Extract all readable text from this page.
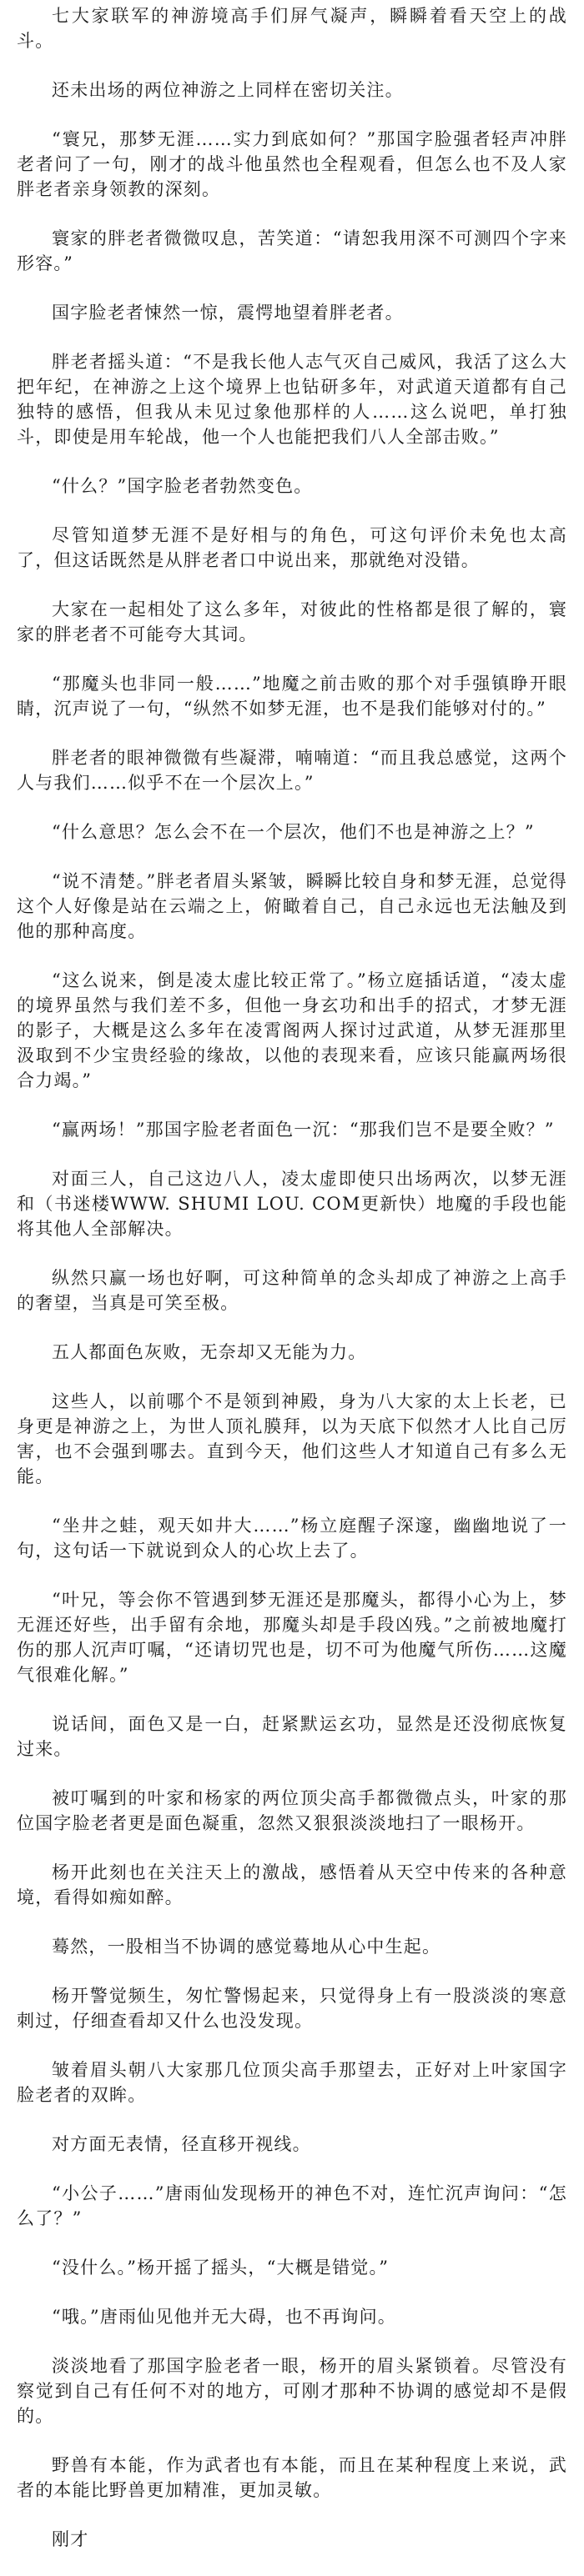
七大家联军的神游境高手们屏气凝声，瞬瞬着看天空上的战斗。

还未出场的两位神游之上同样在密切关注。

“寰兄，那梦无涯……实力到底如何？”那国字脸强者轻声冲胖老者问了一句，刚才的战斗他虽然也全程观看，但怎么也不及人家胖老者亲身领教的深刻。

寰家的胖老者微微叹息，苦笑道：“请恕我用深不可测四个字来形容。”

国字脸老者悚然一惊，震愕地望着胖老者。

胖老者摇头道：“不是我长他人志气灭自己威风，我活了这么大把年纪，在神游之上这个境界上也钻研多年，对武道天道都有自己独特的感悟，但我从未见过象他那样的人……这么说吧，单打独斗，即使是用车轮战，他一个人也能把我们八人全部击败。”

“什么？”国字脸老者勃然变色。

尽管知道梦无涯不是好相与的角色，可这句评价未免也太高了，但这话既然是从胖老者口中说出来，那就绝对没错。

大家在一起相处了这么多年，对彼此的性格都是很了解的，寰家的胖老者不可能夸大其词。

“那魔头也非同一般……”地魔之前击败的那个对手强镇睁开眼睛，沉声说了一句，“纵然不如梦无涯，也不是我们能够对付的。”

胖老者的眼神微微有些凝滞，喃喃道：“而且我总感觉，这两个人与我们……似乎不在一个层次上。”

“什么意思？怎么会不在一个层次，他们不也是神游之上？”

“说不清楚。”胖老者眉头紧皱，瞬瞬比较自身和梦无涯，总觉得这个人好像是站在云端之上，俯瞰着自己，自己永远也无法触及到他的那种高度。

“这么说来，倒是凌太虚比较正常了。”杨立庭插话道，“凌太虚的境界虽然与我们差不多，但他一身玄功和出手的招式，才梦无涯的影子，大概是这么多年在凌霄阁两人探讨过武道，从梦无涯那里汲取到不少宝贵经验的缘故，以他的表现来看，应该只能赢两场很合力竭。”

“赢两场！”那国字脸老者面色一沉：“那我们岂不是要全败？”

对面三人，自己这边八人，凌太虚即使只出场两次，以梦无涯和（书迷楼WWW. SHUMI LOU. COM更新快）地魔的手段也能将其他人全部解决。

纵然只赢一场也好啊，可这种简单的念头却成了神游之上高手的奢望，当真是可笑至极。

五人都面色灰败，无奈却又无能为力。

这些人，以前哪个不是领到神殿，身为八大家的太上长老，已身更是神游之上，为世人顶礼膜拜，以为天底下似然才人比自己厉害，也不会强到哪去。直到今天，他们这些人才知道自己有多么无能。

“坐井之蛙，观天如井大……”杨立庭醒子深邃，幽幽地说了一句，这句话一下就说到众人的心坎上去了。

“叶兄，等会你不管遇到梦无涯还是那魔头，都得小心为上，梦无涯还好些，出手留有余地，那魔头却是手段凶残。”之前被地魔打伤的那人沉声叮嘱，“还请切咒也是，切不可为他魔气所伤……这魔气很难化解。”

说话间，面色又是一白，赶紧默运玄功，显然是还没彻底恢复过来。

被叮嘱到的叶家和杨家的两位顶尖高手都微微点头，叶家的那位国字脸老者更是面色凝重，忽然又狠狠淡淡地扫了一眼杨开。

杨开此刻也在关注天上的激战，感悟着从天空中传来的各种意境，看得如痴如醉。

蓦然，一股相当不协调的感觉蓦地从心中生起。

杨开警觉频生，匆忙警惕起来，只觉得身上有一股淡淡的寒意刺过，仔细查看却又什么也没发现。

皱着眉头朝八大家那几位顶尖高手那望去，正好对上叶家国字脸老者的双眸。

对方面无表情，径直移开视线。

“小公子……”唐雨仙发现杨开的神色不对，连忙沉声询问：“怎么了？”

“没什么。”杨开摇了摇头，“大概是错觉。”

“哦。”唐雨仙见他并无大碍，也不再询问。

淡淡地看了那国字脸老者一眼，杨开的眉头紧锁着。尽管没有察觉到自己有任何不对的地方，可刚才那种不协调的感觉却不是假的。

野兽有本能，作为武者也有本能，而且在某种程度上来说，武者的本能比野兽更加精准，更加灵敏。

刚才
